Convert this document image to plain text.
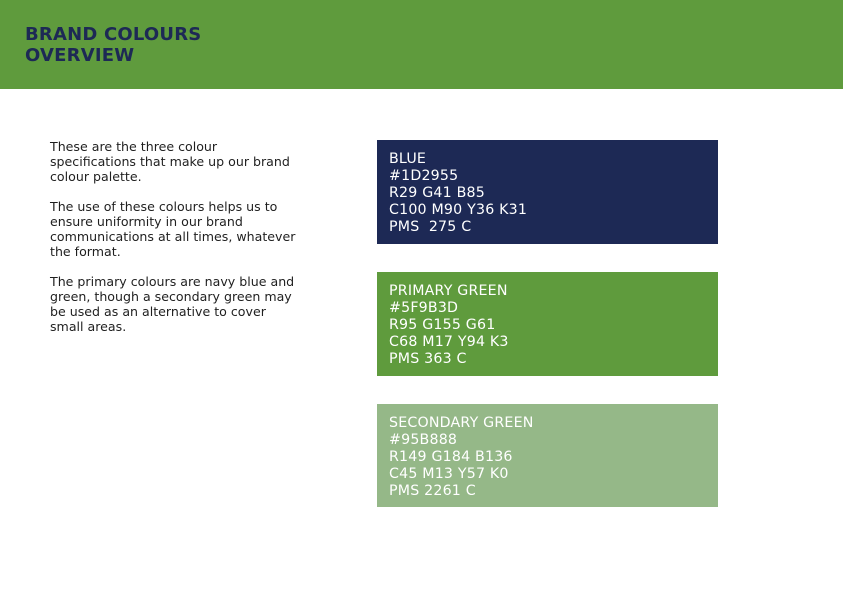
BRAND COLOURS
OVERVIEW

These are the three colour specifications that make up our brand colour palette.

The use of these colours helps us to ensure uniformity in our brand communications at all times, whatever the format.

The primary colours are navy blue and green, though a secondary green may be used as an alternative to cover small areas.

BLUE
#1D2955
R29 G41 B85
C100 M90 Y36 K31
PMS  275 C
PRIMARY GREEN
#5F9B3D
R95 G155 G61
C68 M17 Y94 K3
PMS 363 C
SECONDARY GREEN
#95B888
R149 G184 B136
C45 M13 Y57 K0
PMS 2261 C
